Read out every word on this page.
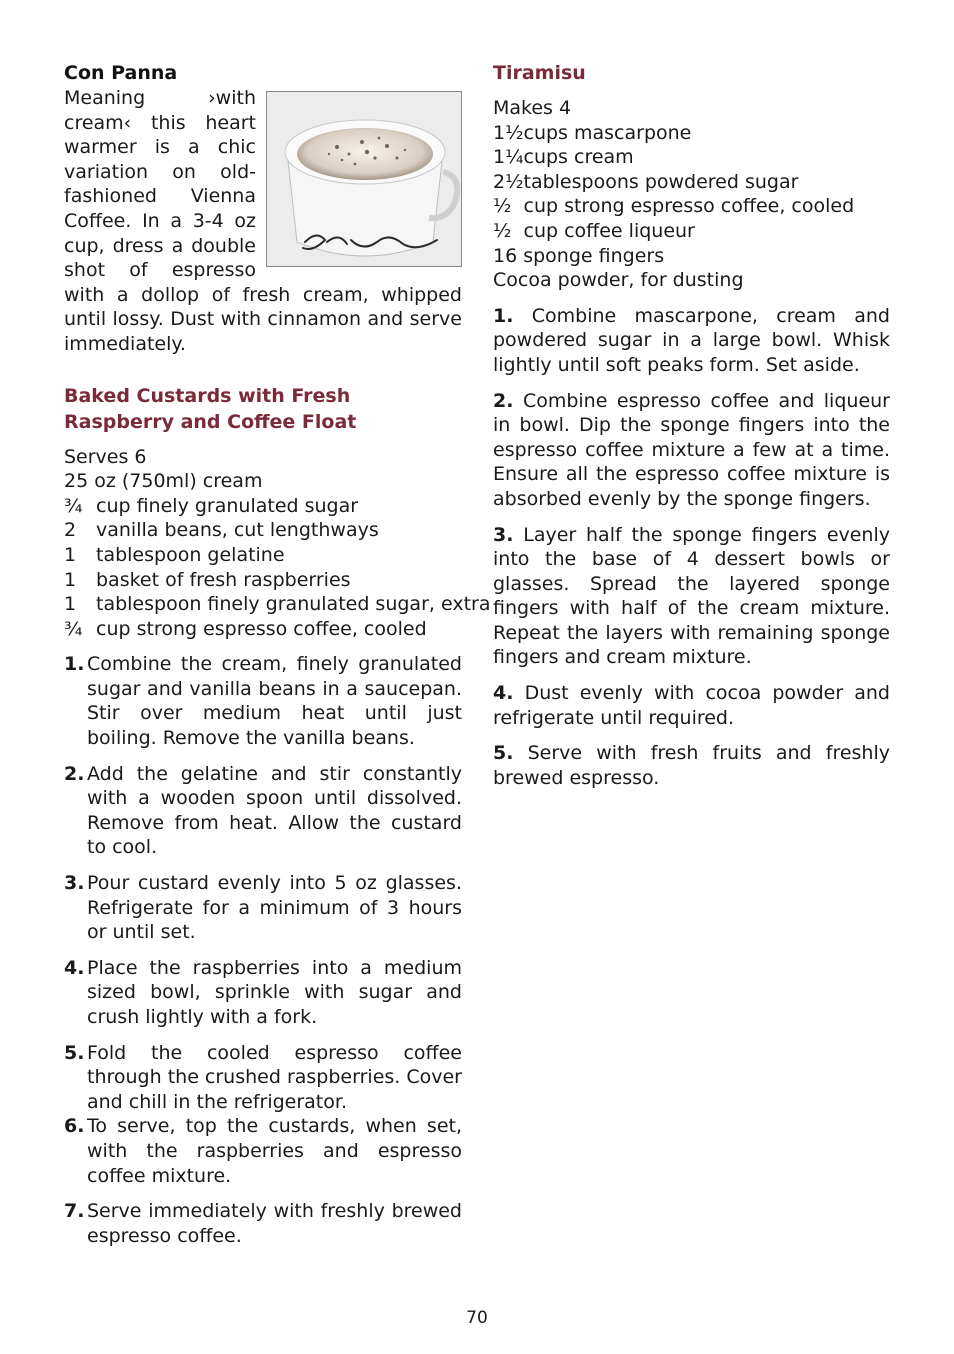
Con Panna

Meaning ›with cream‹ this heart warmer is a chic variation on old-fashioned Vienna Coffee. In a 3-4 oz cup, dress a double shot of espresso with a dollop of fresh cream, whipped until lossy. Dust with cinnamon and serve immediately.

Baked Custards with Fresh

Raspberry and Coffee Float

Serves 6

25 oz (750ml) cream

¾ cup finely granulated sugar
2	vanilla beans, cut lengthways
1	tablespoon gelatine
1	basket of fresh raspberries
1	tablespoon finely granulated sugar, extra
¾ cup strong espresso coffee, cooled
1. Combine the cream, finely granulated sugar and vanilla beans in a saucepan. Stir over medium heat until just boiling. Remove the vanilla beans.
2. Add the gelatine and stir constantly with a wooden spoon until dissolved. Remove from heat. Allow the custard to cool.
3. Pour custard evenly into 5 oz glasses. Refrigerate for a minimum of 3 hours or until set.
4. Place the raspberries into a medium sized bowl, sprinkle with sugar and crush lightly with a fork.
5. Fold the cooled espresso coffee through the crushed raspberries. Cover and chill in the refrigerator.
6. To serve, top the custards, when set, with the raspberries and espresso coffee mixture.
7. Serve immediately with freshly brewed espresso coffee.

Tiramisu

Makes 4

1½cups mascarpone

1¼cups cream

2½tablespoons powdered sugar

½  cup strong espresso coffee, cooled

½  cup coffee liqueur

16 sponge fingers

Cocoa powder, for dusting

1. Combine mascarpone, cream and powdered sugar in a large bowl. Whisk lightly until soft peaks form. Set aside.

2. Combine espresso coffee and liqueur in bowl. Dip the sponge fingers into the espresso coffee mixture a few at a time. Ensure all the espresso coffee mixture is absorbed evenly by the sponge fingers.

3. Layer half the sponge fingers evenly into the base of 4 dessert bowls or glasses. Spread the layered sponge fingers with half of the cream mixture. Repeat the layers with remaining sponge fingers and cream mixture.

4. Dust evenly with cocoa powder and refrigerate until required.

5. Serve with fresh fruits and freshly brewed espresso.

70
